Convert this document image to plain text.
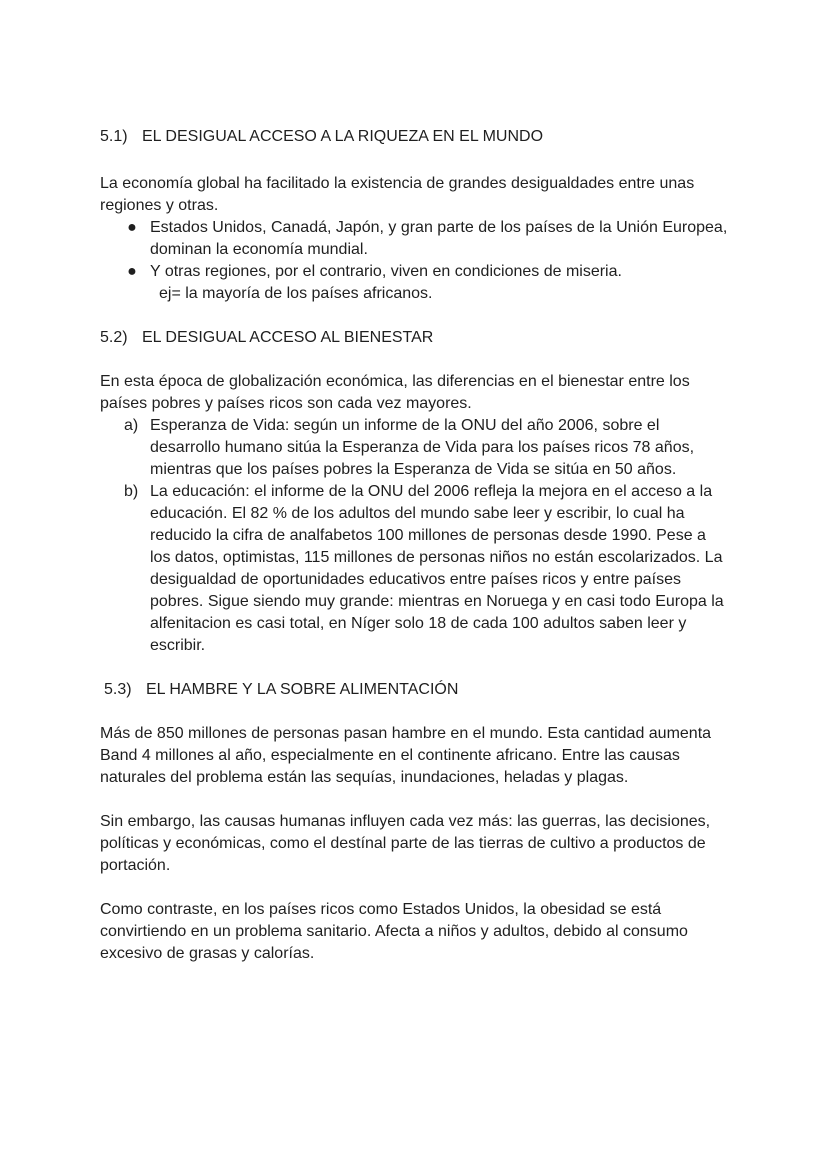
5.1) EL DESIGUAL ACCESO A LA RIQUEZA EN EL MUNDO

La economía global ha facilitado la existencia de grandes desigualdades entre unas regiones y otras.

● Estados Unidos, Canadá, Japón, y gran parte de los países de la Unión Europea, dominan la economía mundial.
● Y otras regiones, por el contrario, viven en condiciones de miseria.

ej= la mayoría de los países africanos.

5.2) EL DESIGUAL ACCESO AL BIENESTAR

En esta época de globalización económica, las diferencias en el bienestar entre los países pobres y países ricos son cada vez mayores.

a) Esperanza de Vida: según un informe de la ONU del año 2006, sobre el desarrollo humano sitúa la Esperanza de Vida para los países ricos 78 años, mientras que los países pobres la Esperanza de Vida se sitúa en 50 años.
b) La educación: el informe de la ONU del 2006 refleja la mejora en el acceso a la educación. El 82 % de los adultos del mundo sabe leer y escribir, lo cual ha reducido la cifra de analfabetos 100 millones de personas desde 1990. Pese a los datos, optimistas, 115 millones de personas niños no están escolarizados. La desigualdad de oportunidades educativos entre países ricos y entre países pobres. Sigue siendo muy grande: mientras en Noruega y en casi todo Europa la alfenitacion es casi total, en Níger solo 18 de cada 100 adultos saben leer y escribir.
5.3) EL HAMBRE Y LA SOBRE ALIMENTACIÓN

Más de 850 millones de personas pasan hambre en el mundo. Esta cantidad aumenta Band 4 millones al año, especialmente en el continente africano. Entre las causas naturales del problema están las sequías, inundaciones, heladas y plagas.

Sin embargo, las causas humanas influyen cada vez más: las guerras, las decisiones, políticas y económicas, como el destínal parte de las tierras de cultivo a productos de portación.

Como contraste, en los países ricos como Estados Unidos, la obesidad se está convirtiendo en un problema sanitario. Afecta a niños y adultos, debido al consumo excesivo de grasas y calorías.
